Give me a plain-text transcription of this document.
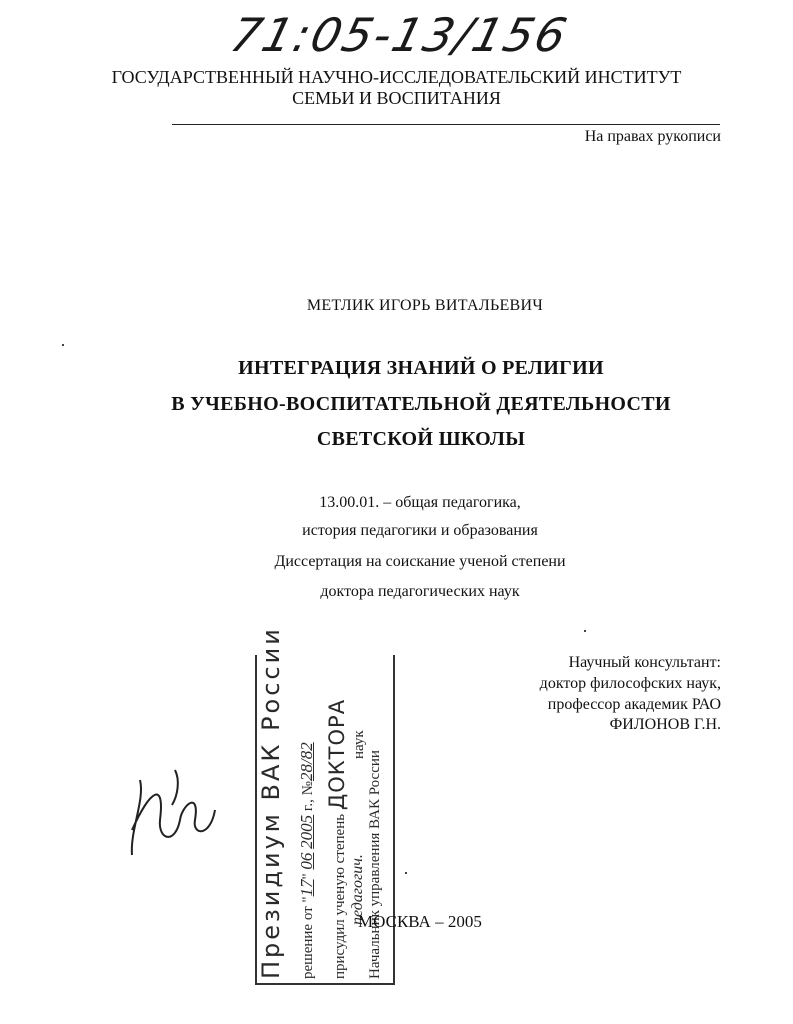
71:05-13/156
ГОСУДАРСТВЕННЫЙ НАУЧНО-ИССЛЕДОВАТЕЛЬСКИЙ ИНСТИТУТ
СЕМЬИ И ВОСПИТАНИЯ
На правах рукописи
МЕТЛИК ИГОРЬ ВИТАЛЬЕВИЧ
ИНТЕГРАЦИЯ ЗНАНИЙ О РЕЛИГИИ
В УЧЕБНО-ВОСПИТАТЕЛЬНОЙ ДЕЯТЕЛЬНОСТИ
СВЕТСКОЙ ШКОЛЫ
13.00.01. – общая педагогика,
история педагогики и образования
Диссертация на соискание ученой степени
доктора педагогических наук
Научный консультант:
доктор философских наук,
профессор академик РАО
ФИЛОНОВ Г.Н.
Президиум ВАК России решение от "17" 06 2005 г., №28/82
присудил ученую степень ДОКТОРА наук
Начальник управления ВАК России
педагогич.
МОСКВА – 2005
